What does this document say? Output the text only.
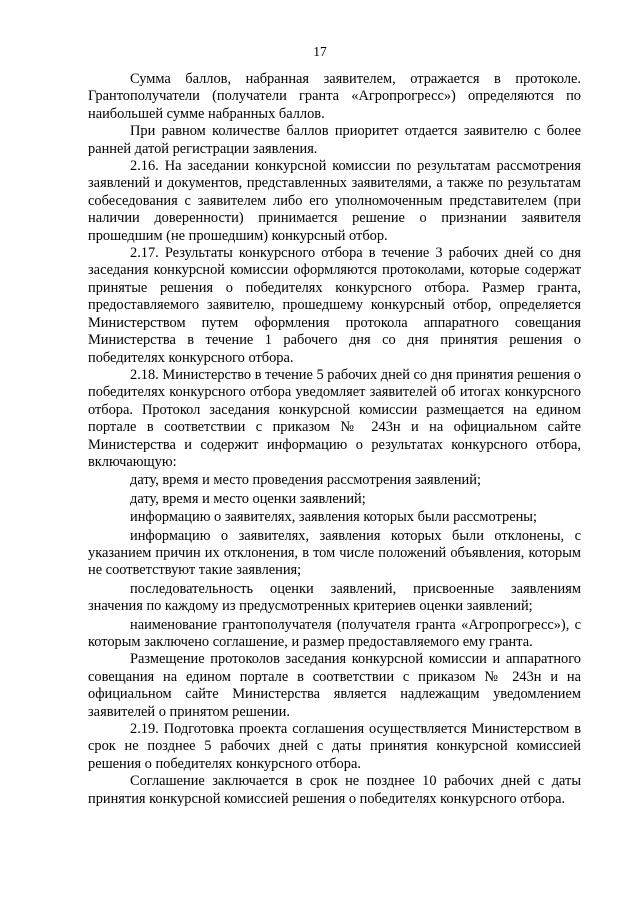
17

Сумма баллов, набранная заявителем, отражается в протоколе. Грантополучатели (получатели гранта «Агропрогресс») определяются по наибольшей сумме набранных баллов.

При равном количестве баллов приоритет отдается заявителю с более ранней датой регистрации заявления.

2.16. На заседании конкурсной комиссии по результатам рассмотрения заявлений и документов, представленных заявителями, а также по результатам собеседования с заявителем либо его уполномоченным представителем (при наличии доверенности) принимается решение о признании заявителя прошедшим (не прошедшим) конкурсный отбор.

2.17. Результаты конкурсного отбора в течение 3 рабочих дней со дня заседания конкурсной комиссии оформляются протоколами, которые содержат принятые решения о победителях конкурсного отбора. Размер гранта, предоставляемого заявителю, прошедшему конкурсный отбор, определяется Министерством путем оформления протокола аппаратного совещания Министерства в течение 1 рабочего дня со дня принятия решения о победителях конкурсного отбора.

2.18. Министерство в течение 5 рабочих дней со дня принятия решения о победителях конкурсного отбора уведомляет заявителей об итогах конкурсного отбора. Протокол заседания конкурсной комиссии размещается на едином портале в соответствии с приказом № 243н и на официальном сайте Министерства и содержит информацию о результатах конкурсного отбора, включающую:

дату, время и место проведения рассмотрения заявлений;

дату, время и место оценки заявлений;

информацию о заявителях, заявления которых были рассмотрены;

информацию о заявителях, заявления которых были отклонены, с указанием причин их отклонения, в том числе положений объявления, которым не соответствуют такие заявления;

последовательность оценки заявлений, присвоенные заявлениям значения по каждому из предусмотренных критериев оценки заявлений;

наименование грантополучателя (получателя гранта «Агропрогресс»), с которым заключено соглашение, и размер предоставляемого ему гранта.

Размещение протоколов заседания конкурсной комиссии и аппаратного совещания на едином портале в соответствии с приказом № 243н и на официальном сайте Министерства является надлежащим уведомлением заявителей о принятом решении.

2.19. Подготовка проекта соглашения осуществляется Министерством в срок не позднее 5 рабочих дней с даты принятия конкурсной комиссией решения о победителях конкурсного отбора.

Соглашение заключается в срок не позднее 10 рабочих дней с даты принятия конкурсной комиссией решения о победителях конкурсного отбора.
